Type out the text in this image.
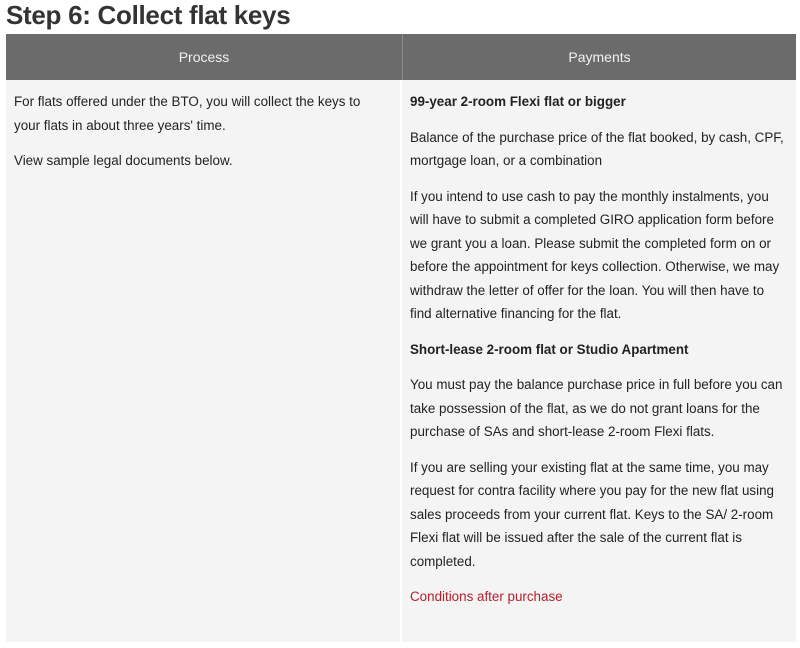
Step 6: Collect flat keys
Process	Payments

For flats offered under the BTO, you will collect the keys to your flats in about three years' time.

View sample legal documents below.

99-year 2-room Flexi flat or bigger

Balance of the purchase price of the flat booked, by cash, CPF, mortgage loan, or a combination

If you intend to use cash to pay the monthly instalments, you will have to submit a completed GIRO application form before we grant you a loan. Please submit the completed form on or before the appointment for keys collection. Otherwise, we may withdraw the letter of offer for the loan. You will then have to find alternative financing for the flat.

Short-lease 2-room flat or Studio Apartment

You must pay the balance purchase price in full before you can take possession of the flat, as we do not grant loans for the purchase of SAs and short-lease 2-room Flexi flats.

If you are selling your existing flat at the same time, you may request for contra facility where you pay for the new flat using sales proceeds from your current flat. Keys to the SA/ 2-room Flexi flat will be issued after the sale of the current flat is completed.

Conditions after purchase
